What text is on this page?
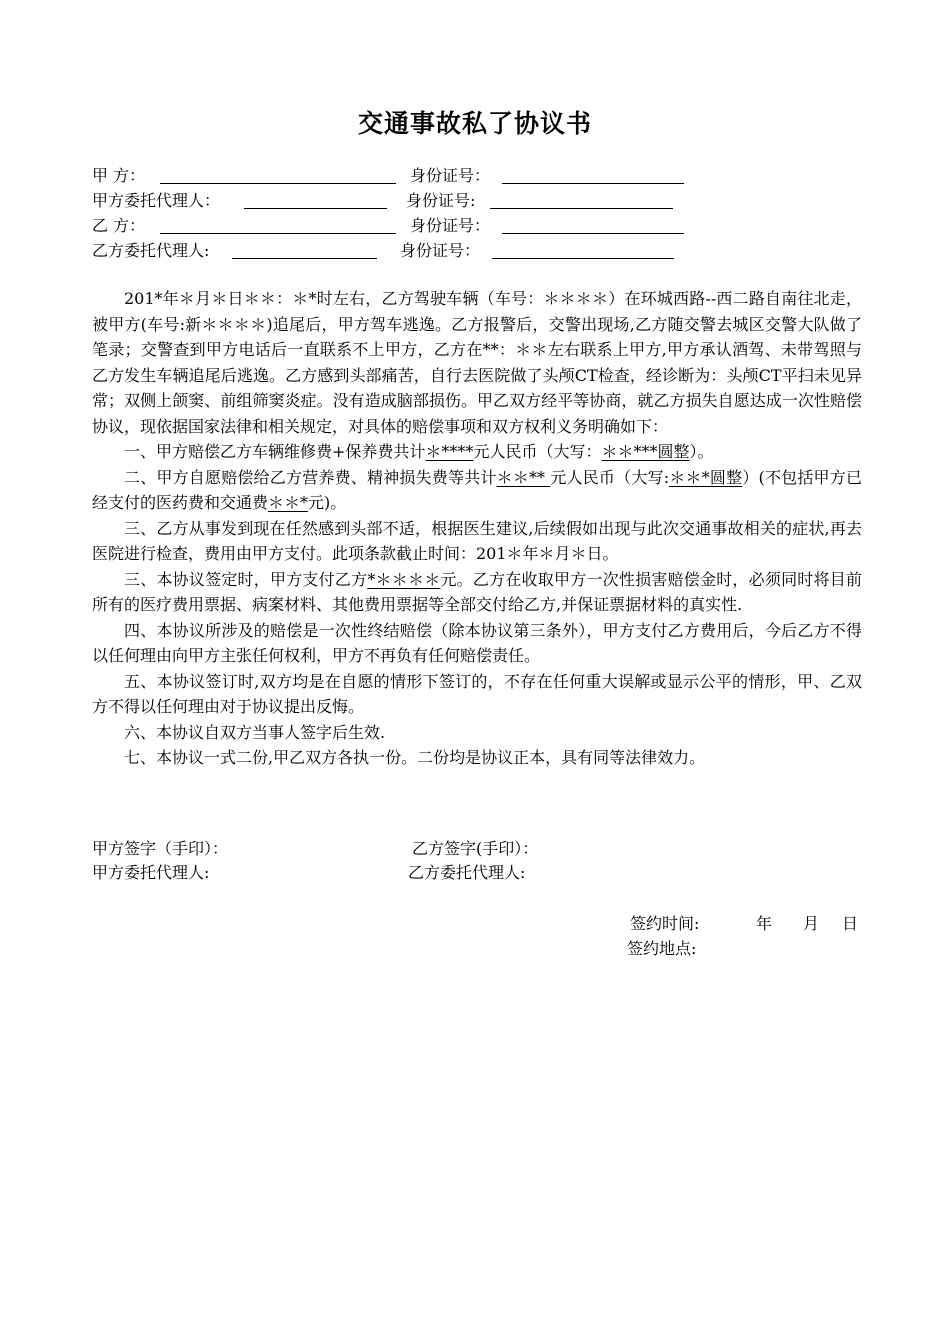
交通事故私了协议书
甲 方：	身份证号：
甲方委托代理人：	身份证号:
乙 方：	身份证号：
乙方委托代理人:	身份证号：

201*年＊月＊日＊＊：＊*时左右，乙方驾驶车辆（车号：＊＊＊＊）在环城西路--西二路自南往北走，被甲方(车号:新＊＊＊＊)追尾后，甲方驾车逃逸。乙方报警后，交警出现场,乙方随交警去城区交警大队做了笔录；交警查到甲方电话后一直联系不上甲方，乙方在**：＊＊左右联系上甲方,甲方承认酒驾、未带驾照与乙方发生车辆追尾后逃逸。乙方感到头部痛苦，自行去医院做了头颅CT检查，经诊断为：头颅CT平扫未见异常；双侧上颌窦、前组筛窦炎症。没有造成脑部损伤。甲乙双方经平等协商，就乙方损失自愿达成一次性赔偿协议，现依据国家法律和相关规定，对具体的赔偿事项和双方权利义务明确如下：

一、甲方赔偿乙方车辆维修费+保养费共计＊****元人民币（大写：＊＊***圆整）。

二、甲方自愿赔偿给乙方营养费、精神损失费等共计＊＊** 元人民币（大写:＊＊*圆整）(不包括甲方已经支付的医药费和交通费＊＊*元)。

三、乙方从事发到现在任然感到头部不适，根据医生建议,后续假如出现与此次交通事故相关的症状,再去医院进行检查，费用由甲方支付。此项条款截止时间：201＊年＊月＊日。

三、本协议签定时，甲方支付乙方*＊＊＊＊元。乙方在收取甲方一次性损害赔偿金时，必须同时将目前所有的医疗费用票据、病案材料、其他费用票据等全部交付给乙方,并保证票据材料的真实性.

四、本协议所涉及的赔偿是一次性终结赔偿（除本协议第三条外），甲方支付乙方费用后，今后乙方不得以任何理由向甲方主张任何权利，甲方不再负有任何赔偿责任。

五、本协议签订时,双方均是在自愿的情形下签订的，不存在任何重大误解或显示公平的情形，甲、乙双方不得以任何理由对于协议提出反悔。

六、本协议自双方当事人签字后生效.

七、本协议一式二份,甲乙双方各执一份。二份均是协议正本，具有同等法律效力。

甲方签字（手印）：	乙方签字(手印）：
甲方委托代理人:	乙方委托代理人:
签约时间:	年 月 日
签约地点:
